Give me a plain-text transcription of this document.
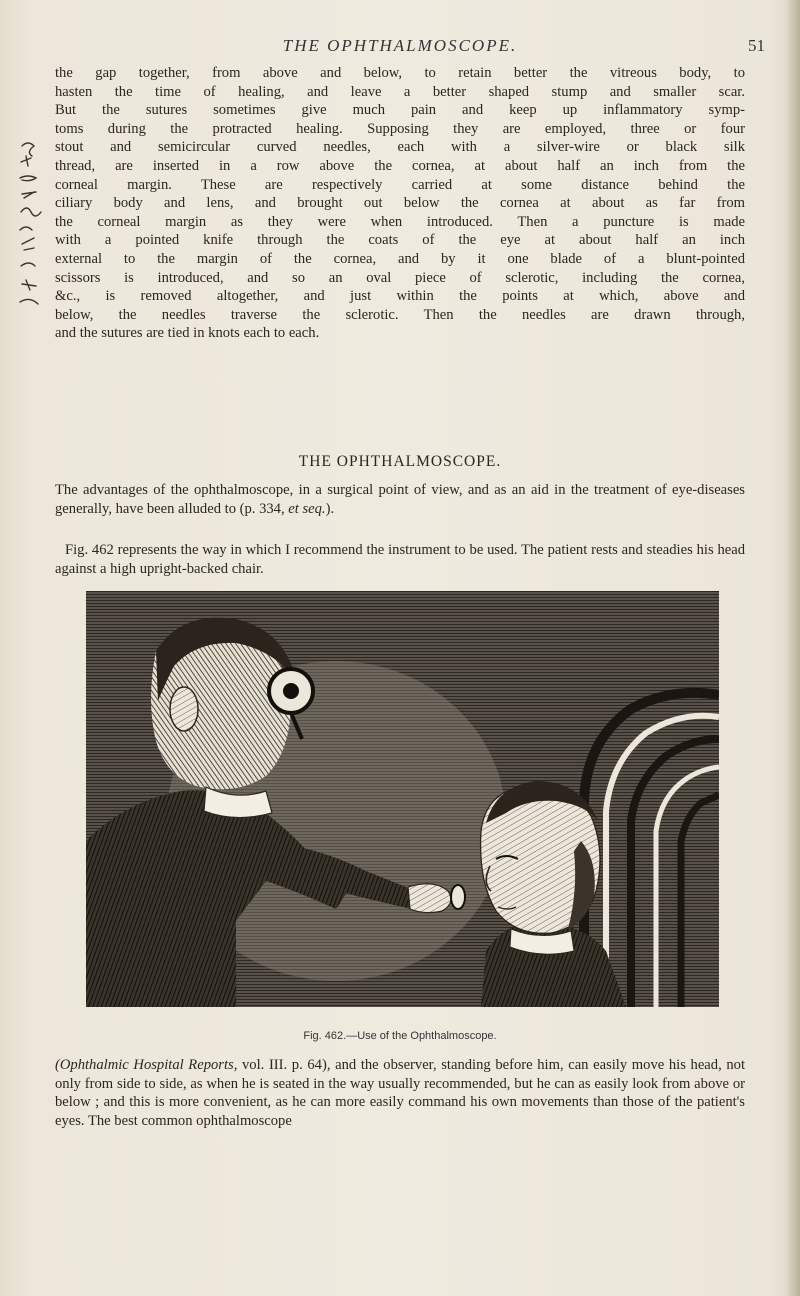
THE OPHTHALMOSCOPE.	51
the gap together, from above and below, to retain better the vitreous body, to
hasten the time of healing, and leave a better shaped stump and smaller scar.
But the sutures sometimes give much pain and keep up inflammatory symp-
toms during the protracted healing. Supposing they are employed, three or four
stout and semicircular curved needles, each with a silver-wire or black silk
thread, are inserted in a row above the cornea, at about half an inch from the
corneal margin. These are respectively carried at some distance behind the
ciliary body and lens, and brought out below the cornea at about as far from
the corneal margin as they were when introduced. Then a puncture is made
with a pointed knife through the coats of the eye at about half an inch
external to the margin of the cornea, and by it one blade of a blunt-pointed
scissors is introduced, and so an oval piece of sclerotic, including the cornea,
&c., is removed altogether, and just within the points at which, above and
below, the needles traverse the sclerotic. Then the needles are drawn through,
and the sutures are tied in knots each to each.
THE OPHTHALMOSCOPE.
The advantages of the ophthalmoscope, in a surgical point of view, and as an aid in the treatment of eye-diseases generally, have been alluded to (p. 334, et seq.).
Fig. 462 represents the way in which I recommend the instrument to be used. The patient rests and steadies his head against a high upright-backed chair.
Fig. 462.—Use of the Ophthalmoscope.
(Ophthalmic Hospital Reports, vol. III. p. 64), and the observer, standing before him, can easily move his head, not only from side to side, as when he is seated in the way usually recommended, but he can as easily look from above or below ; and this is more convenient, as he can more easily command his own movements than those of the patient's eyes. The best common ophthalmoscope
